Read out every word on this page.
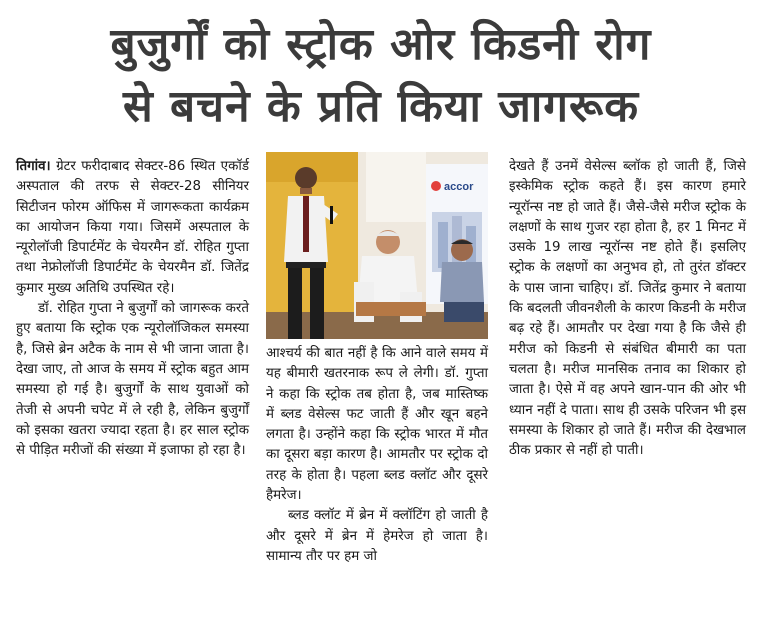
बुजुर्गों को स्ट्रोक ओर किडनी रोग
से बचने के प्रति किया जागरूक

तिगांव। ग्रेटर फरीदाबाद सेक्टर-86 स्थित एकॉर्ड अस्पताल की तरफ से सेक्टर-28 सीनियर सिटीजन फोरम ऑफिस में जागरूकता कार्यक्रम का आयोजन किया गया। जिसमें अस्पताल के न्यूरोलॉजी डिपार्टमेंट के चेयरमैन डॉ. रोहित गुप्ता तथा नेफ्रोलॉजी डिपार्टमेंट के चेयरमैन डॉ. जितेंद्र कुमार मुख्य अतिथि उपस्थित रहे।

डॉ. रोहित गुप्ता ने बुजुर्गों को जागरूक करते हुए बताया कि स्ट्रोक एक न्यूरोलॉजिकल समस्या है, जिसे ब्रेन अटैक के नाम से भी जाना जाता है। देखा जाए, तो आज के समय में स्ट्रोक बहुत आम समस्या हो गई है। बुजुर्गों के साथ युवाओं को तेजी से अपनी चपेट में ले रही है, लेकिन बुजुर्गों को इसका खतरा ज्यादा रहता है। हर साल स्ट्रोक से पीड़ित मरीजों की संख्या में इजाफा हो रहा है।

accor

आश्चर्य की बात नहीं है कि आने वाले समय में यह बीमारी खतरनाक रूप ले लेगी। डॉ. गुप्ता ने कहा कि स्ट्रोक तब होता है, जब मास्तिष्क में ब्लड वेसेल्स फट जाती हैं और खून बहने लगता है। उन्होंने कहा कि स्ट्रोक भारत में मौत का दूसरा बड़ा कारण है। आमतौर पर स्ट्रोक दो तरह के होता है। पहला ब्लड क्लॉट और दूसरे हैमरेज।

ब्लड क्लॉट में ब्रेन में क्लॉटिंग हो जाती है और दूसरे में ब्रेन में हेमरेज हो जाता है। सामान्य तौर पर हम जो

देखते हैं उनमें वेसेल्स ब्लॉक हो जाती हैं, जिसे इस्केमिक स्ट्रोक कहते हैं। इस कारण हमारे न्यूरॉन्स नष्ट हो जाते हैं। जैसे-जैसे मरीज स्ट्रोक के लक्षणों के साथ गुजर रहा होता है, हर 1 मिनट में उसके 19 लाख न्यूरॉन्स नष्ट होते हैं। इसलिए स्ट्रोक के लक्षणों का अनुभव हो, तो तुरंत डॉक्टर के पास जाना चाहिए। डॉ. जितेंद्र कुमार ने बताया कि बदलती जीवनशैली के कारण किडनी के मरीज बढ़ रहे हैं। आमतौर पर देखा गया है कि जैसे ही मरीज को किडनी से संबंधित बीमारी का पता चलता है। मरीज मानसिक तनाव का शिकार हो जाता है। ऐसे में वह अपने खान-पान की ओर भी ध्यान नहीं दे पाता। साथ ही उसके परिजन भी इस समस्या के शिकार हो जाते हैं। मरीज की देखभाल ठीक प्रकार से नहीं हो पाती।
